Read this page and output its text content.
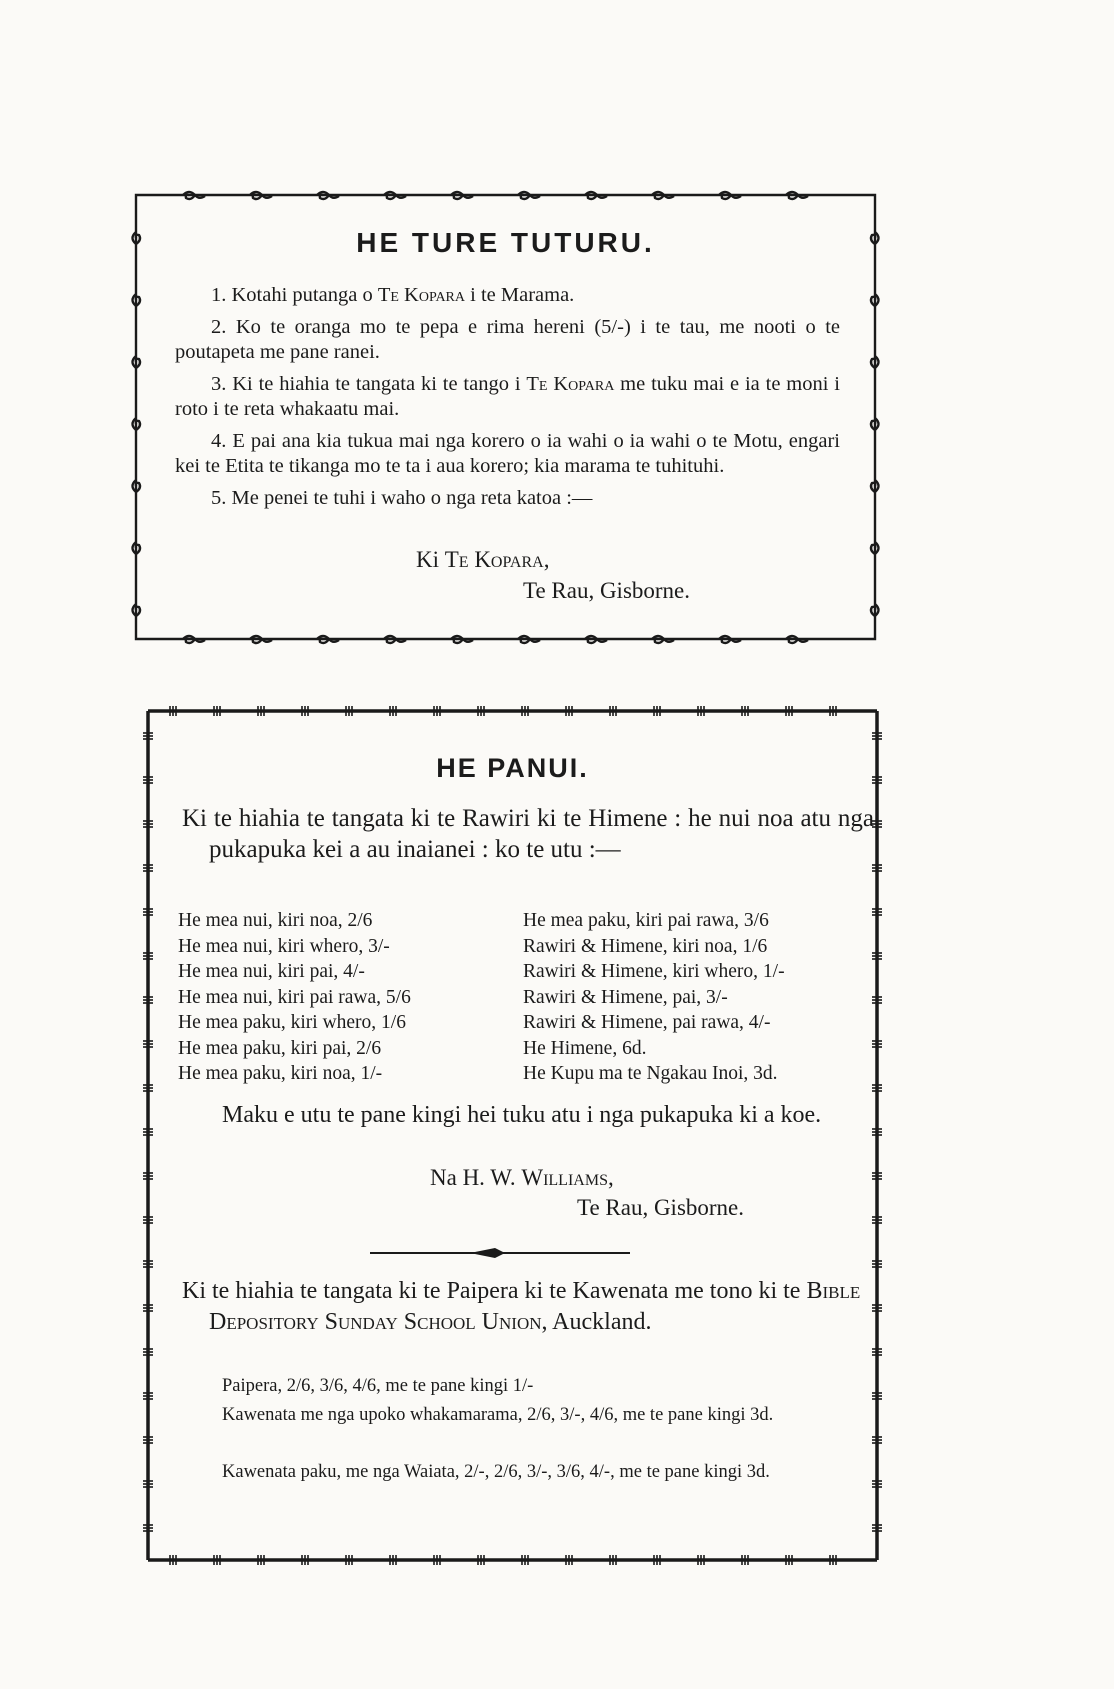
HE TURE TUTURU.

1. Kotahi putanga o Te Kopara i te Marama.

2. Ko te oranga mo te pepa e rima hereni (5/-) i te tau, me nooti o te poutapeta me pane ranei.

3. Ki te hiahia te tangata ki te tango i Te Kopara me tuku mai e ia te moni i roto i te reta whakaatu mai.

4. E pai ana kia tukua mai nga korero o ia wahi o ia wahi o te Motu, engari kei te Etita te tikanga mo te ta i aua korero; kia marama te tuhituhi.

5. Me penei te tuhi i waho o nga reta katoa :—

Ki Te Kopara,
Te Rau, Gisborne.
HE PANUI.
Ki te hiahia te tangata ki te Rawiri ki te Himene : he nui noa atu nga pukapuka kei a au inaianei : ko te utu :—
He mea nui, kiri noa, 2/6
He mea nui, kiri whero, 3/-
He mea nui, kiri pai, 4/-
He mea nui, kiri pai rawa, 5/6
He mea paku, kiri whero, 1/6
He mea paku, kiri pai, 2/6
He mea paku, kiri noa, 1/-
He mea paku, kiri pai rawa, 3/6
Rawiri & Himene, kiri noa, 1/6
Rawiri & Himene, kiri whero, 1/-
Rawiri & Himene, pai, 3/-
Rawiri & Himene, pai rawa, 4/-
He Himene, 6d.
He Kupu ma te Ngakau Inoi, 3d.
Maku e utu te pane kingi hei tuku atu i nga pukapuka ki a koe.
Na H. W. Williams,
Te Rau, Gisborne.
Ki te hiahia te tangata ki te Paipera ki te Kawenata me tono ki te Bible Depository Sunday School Union, Auckland.
Paipera, 2/6, 3/6, 4/6, me te pane kingi 1/-
Kawenata me nga upoko whakamarama, 2/6, 3/-, 4/6, me te pane kingi 3d.
Kawenata paku, me nga Waiata, 2/-, 2/6, 3/-, 3/6, 4/-, me te pane kingi 3d.
